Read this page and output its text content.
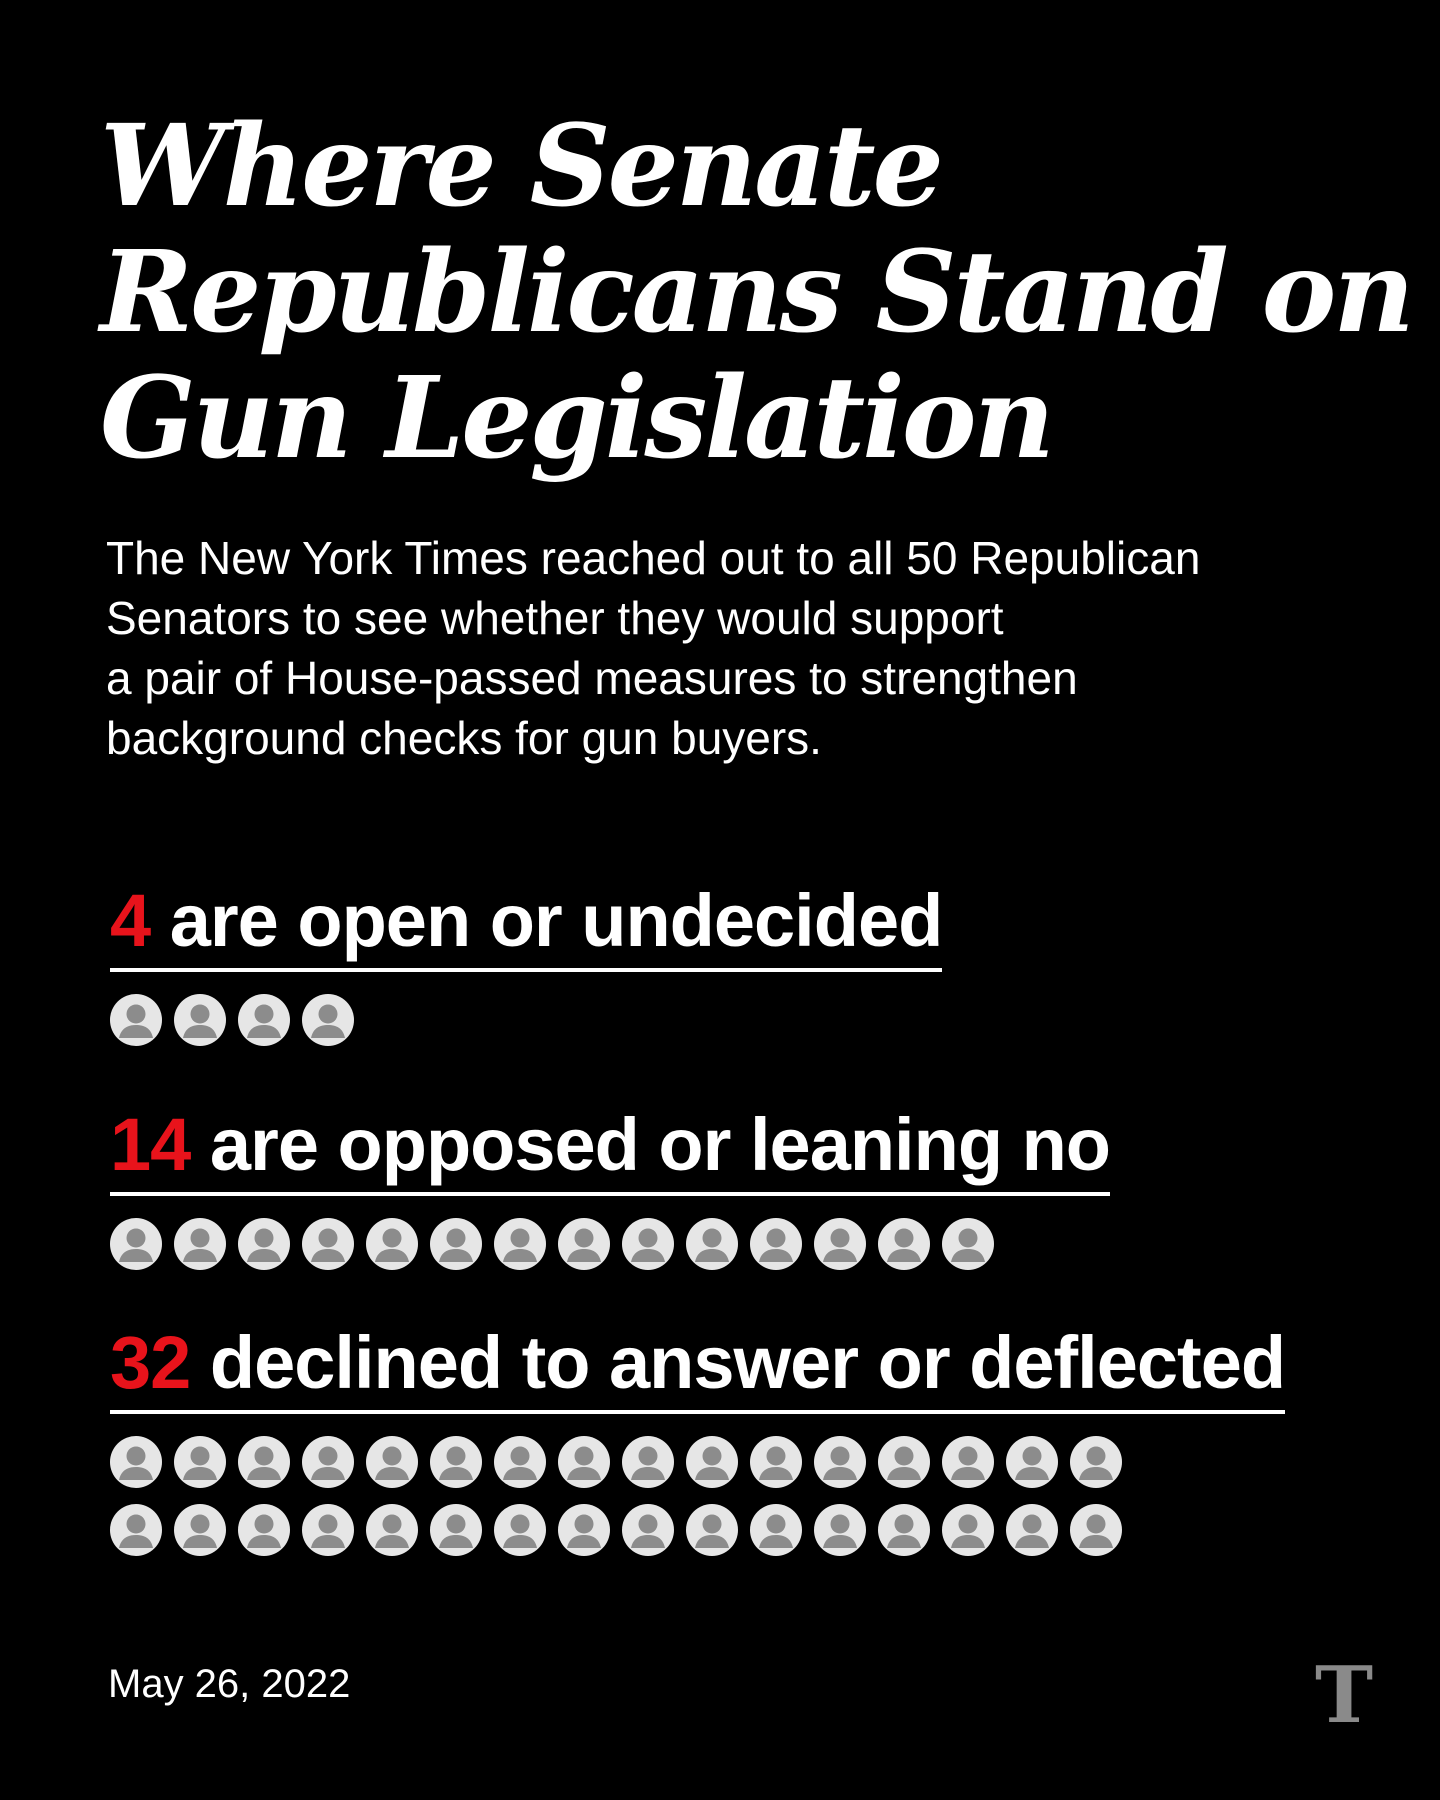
Where Senate
Republicans Stand on
Gun Legislation

The New York Times reached out to all 50 Republican
Senators to see whether they would support
a pair of House-passed measures to strengthen
background checks for gun buyers.

4 are open or undecided
14 are opposed or leaning no
32 declined to answer or deflected
May 26, 2022	T
